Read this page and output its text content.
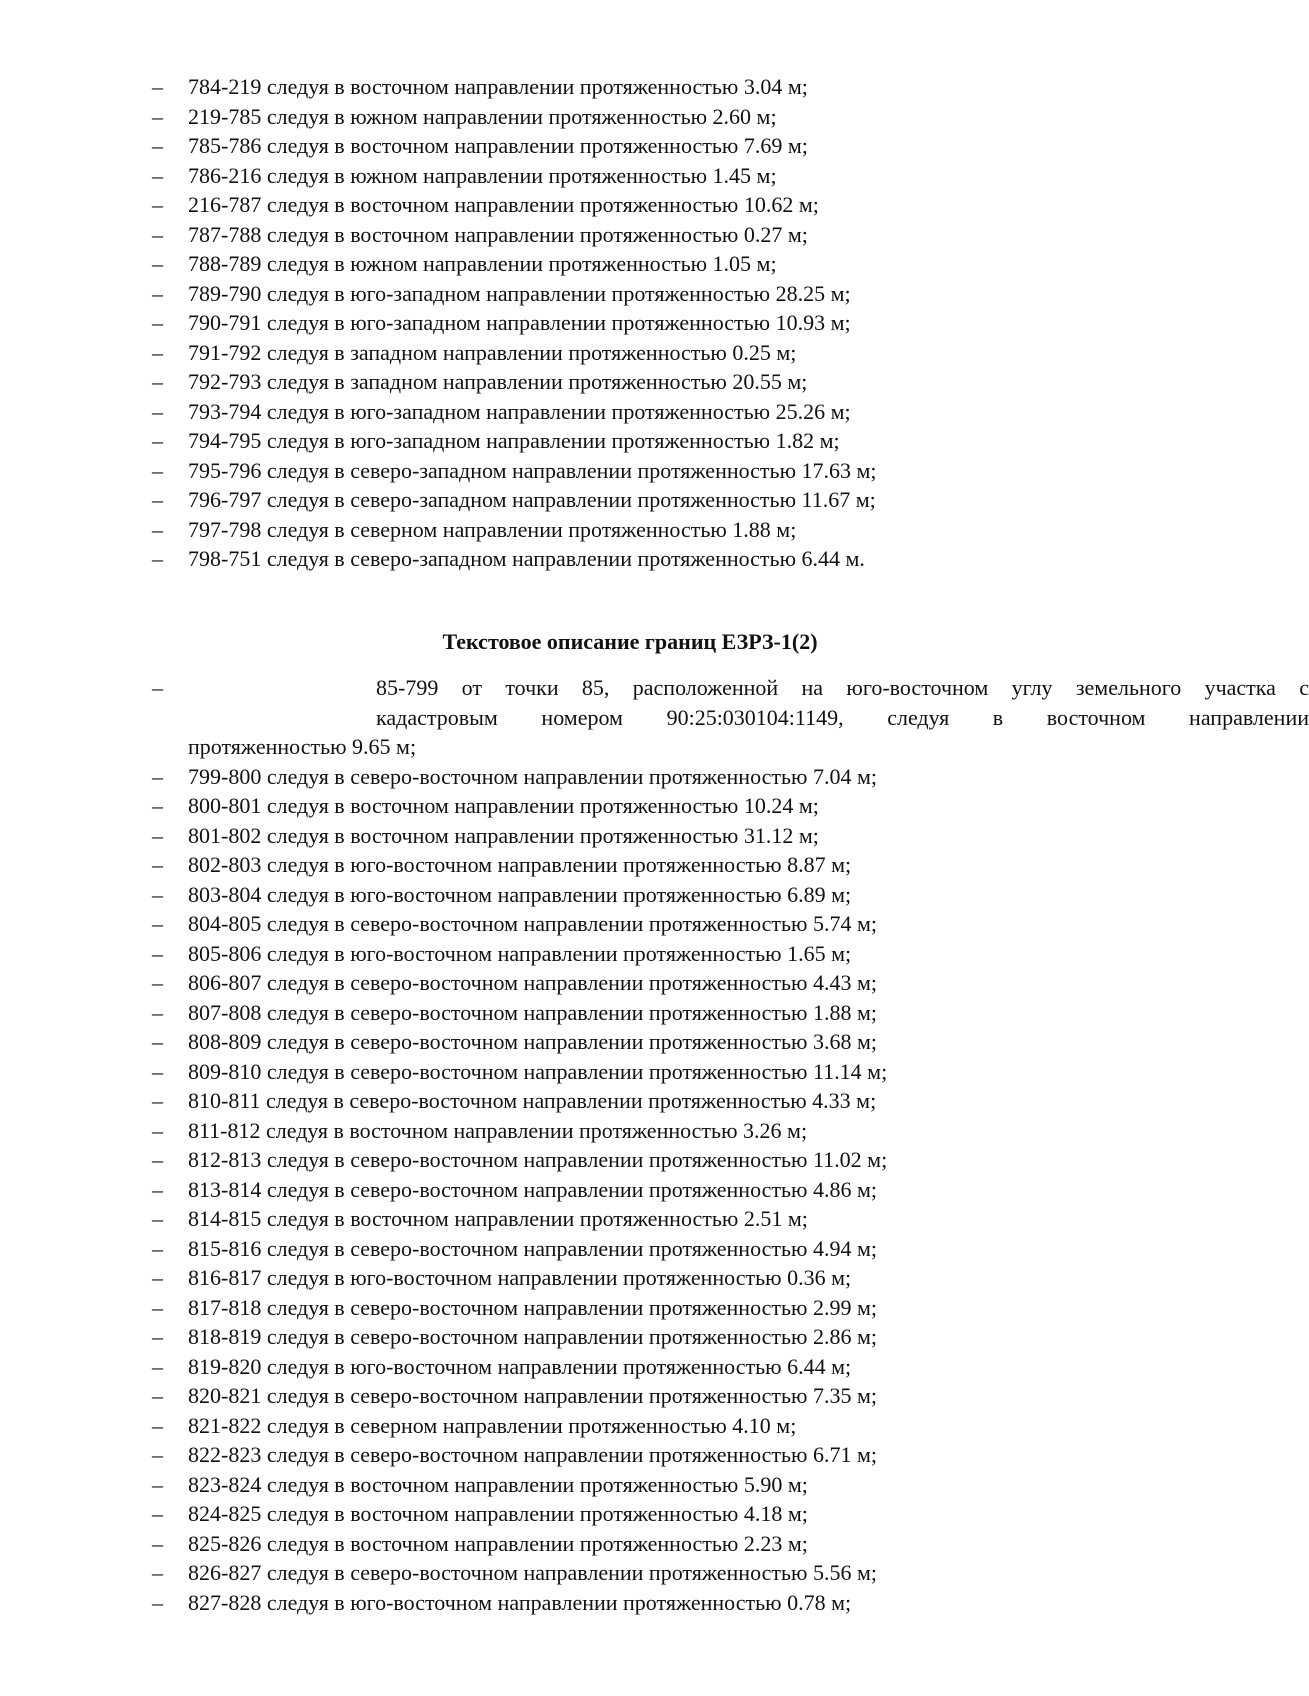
– 784-219 следуя в восточном направлении протяженностью 3.04 м;
– 219-785 следуя в южном направлении протяженностью 2.60 м;
– 785-786 следуя в восточном направлении протяженностью 7.69 м;
– 786-216 следуя в южном направлении протяженностью 1.45 м;
– 216-787 следуя в восточном направлении протяженностью 10.62 м;
– 787-788 следуя в восточном направлении протяженностью 0.27 м;
– 788-789 следуя в южном направлении протяженностью 1.05 м;
– 789-790 следуя в юго-западном направлении протяженностью 28.25 м;
– 790-791 следуя в юго-западном направлении протяженностью 10.93 м;
– 791-792 следуя в западном направлении протяженностью 0.25 м;
– 792-793 следуя в западном направлении протяженностью 20.55 м;
– 793-794 следуя в юго-западном направлении протяженностью 25.26 м;
– 794-795 следуя в юго-западном направлении протяженностью 1.82 м;
– 795-796 следуя в северо-западном направлении протяженностью 17.63 м;
– 796-797 следуя в северо-западном направлении протяженностью 11.67 м;
– 797-798 следуя в северном направлении протяженностью 1.88 м;
– 798-751 следуя в северо-западном направлении протяженностью 6.44 м.
Текстовое описание границ ЕЗРЗ-1(2)
–	85-799 от точки 85, расположенной на юго-восточном углу земельного участка с
кадастровым номером 90:25:030104:1149, следуя в восточном направлении
протяженностью 9.65 м;
– 799-800 следуя в северо-восточном направлении протяженностью 7.04 м;
– 800-801 следуя в восточном направлении протяженностью 10.24 м;
– 801-802 следуя в восточном направлении протяженностью 31.12 м;
– 802-803 следуя в юго-восточном направлении протяженностью 8.87 м;
– 803-804 следуя в юго-восточном направлении протяженностью 6.89 м;
– 804-805 следуя в северо-восточном направлении протяженностью 5.74 м;
– 805-806 следуя в юго-восточном направлении протяженностью 1.65 м;
– 806-807 следуя в северо-восточном направлении протяженностью 4.43 м;
– 807-808 следуя в северо-восточном направлении протяженностью 1.88 м;
– 808-809 следуя в северо-восточном направлении протяженностью 3.68 м;
– 809-810 следуя в северо-восточном направлении протяженностью 11.14 м;
– 810-811 следуя в северо-восточном направлении протяженностью 4.33 м;
– 811-812 следуя в восточном направлении протяженностью 3.26 м;
– 812-813 следуя в северо-восточном направлении протяженностью 11.02 м;
– 813-814 следуя в северо-восточном направлении протяженностью 4.86 м;
– 814-815 следуя в восточном направлении протяженностью 2.51 м;
– 815-816 следуя в северо-восточном направлении протяженностью 4.94 м;
– 816-817 следуя в юго-восточном направлении протяженностью 0.36 м;
– 817-818 следуя в северо-восточном направлении протяженностью 2.99 м;
– 818-819 следуя в северо-восточном направлении протяженностью 2.86 м;
– 819-820 следуя в юго-восточном направлении протяженностью 6.44 м;
– 820-821 следуя в северо-восточном направлении протяженностью 7.35 м;
– 821-822 следуя в северном направлении протяженностью 4.10 м;
– 822-823 следуя в северо-восточном направлении протяженностью 6.71 м;
– 823-824 следуя в восточном направлении протяженностью 5.90 м;
– 824-825 следуя в восточном направлении протяженностью 4.18 м;
– 825-826 следуя в восточном направлении протяженностью 2.23 м;
– 826-827 следуя в северо-восточном направлении протяженностью 5.56 м;
– 827-828 следуя в юго-восточном направлении протяженностью 0.78 м;
